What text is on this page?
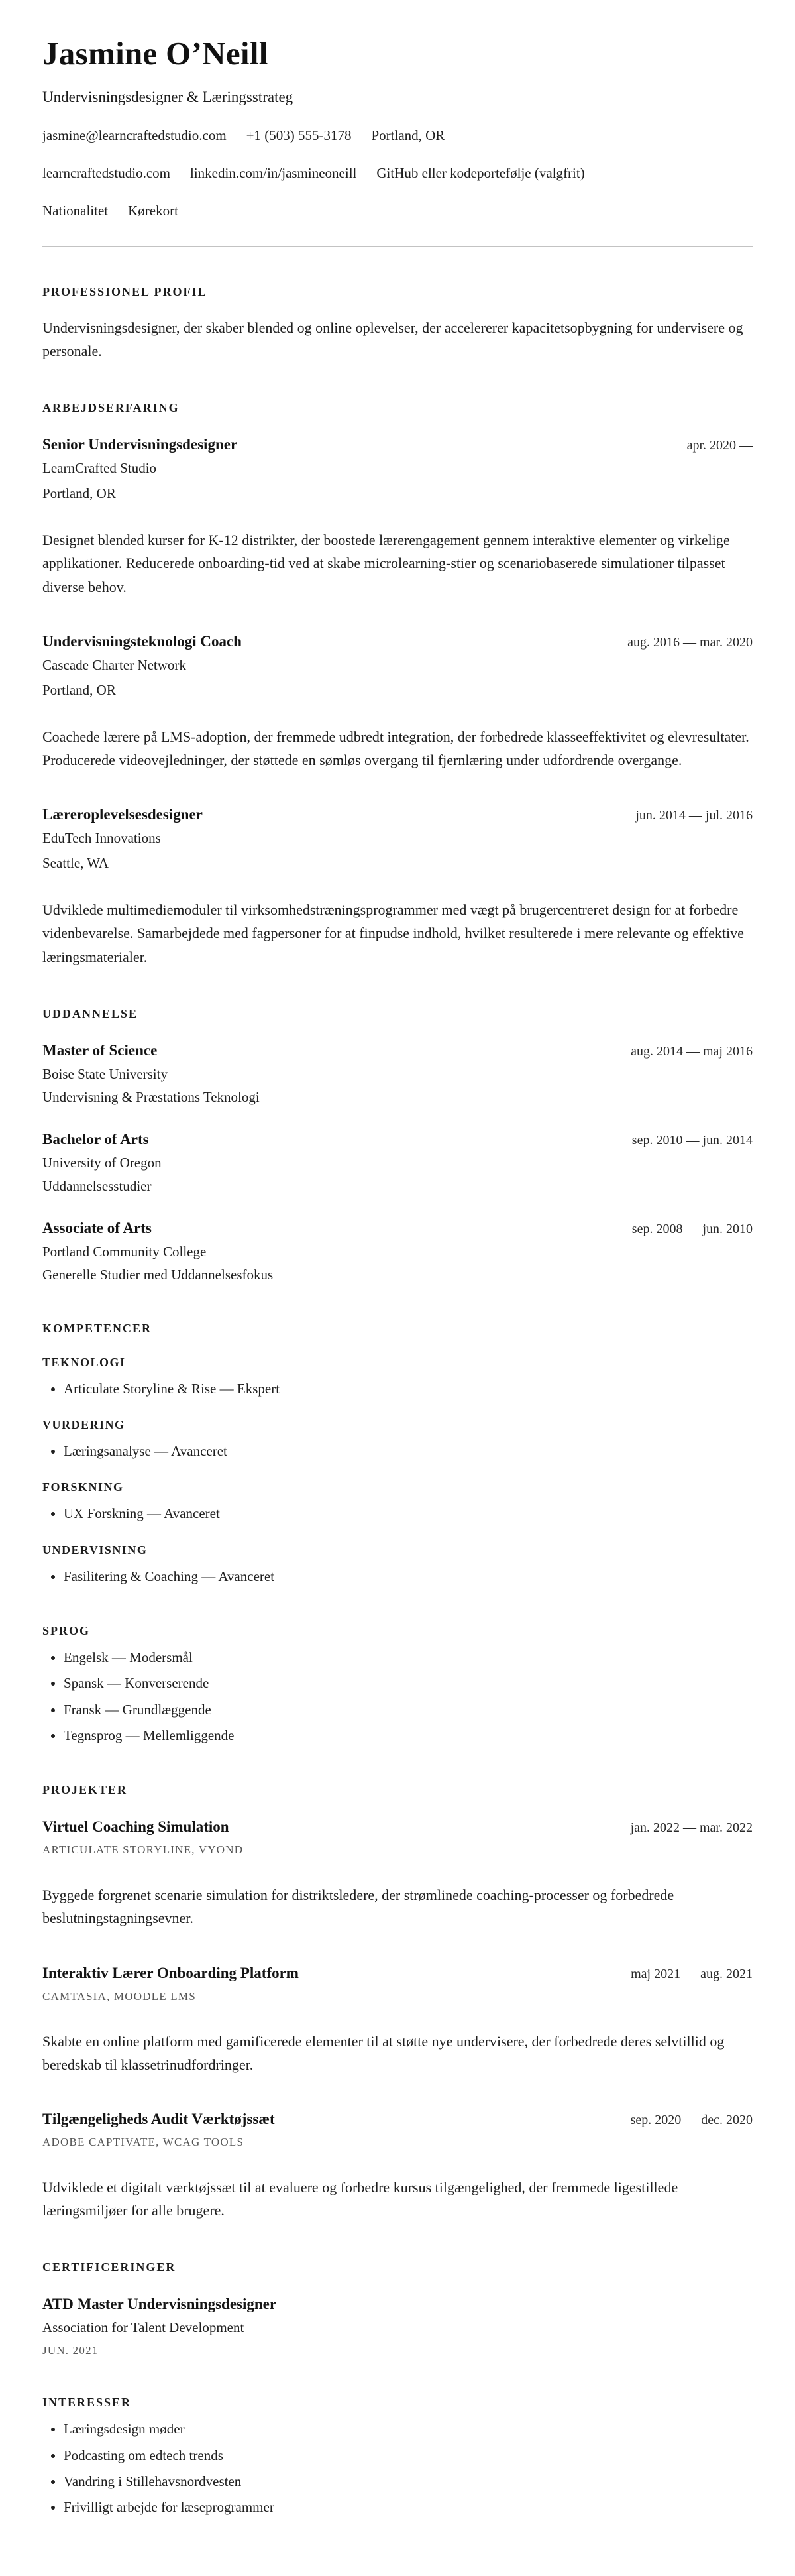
Jasmine O’Neill

Undervisningsdesigner & Læringsstrateg

jasmine@learncraftedstudio.com +1 (503) 555-3178 Portland, OR
learncraftedstudio.com linkedin.com/in/jasmineoneill GitHub eller kodeportefølje (valgfrit)
Nationalitet Kørekort
PROFESSIONEL PROFIL

Undervisningsdesigner, der skaber blended og online oplevelser, der accelererer kapacitetsopbygning for undervisere og personale.

ARBEJDSERFARING
Senior Undervisningsdesigner	apr. 2020 —
LearnCrafted Studio
Portland, OR

Designet blended kurser for K-12 distrikter, der boostede lærerengagement gennem interaktive elementer og virkelige applikationer. Reducerede onboarding-tid ved at skabe microlearning-stier og scenariobaserede simulationer tilpasset diverse behov.

Undervisningsteknologi Coach	aug. 2016 — mar. 2020
Cascade Charter Network
Portland, OR

Coachede lærere på LMS-adoption, der fremmede udbredt integration, der forbedrede klasseeffektivitet og elevresultater. Producerede videovejledninger, der støttede en sømløs overgang til fjernlæring under udfordrende overgange.

Læreroplevelsesdesigner	jun. 2014 — jul. 2016
EduTech Innovations
Seattle, WA

Udviklede multimediemoduler til virksomhedstræningsprogrammer med vægt på brugercentreret design for at forbedre videnbevarelse. Samarbejdede med fagpersoner for at finpudse indhold, hvilket resulterede i mere relevante og effektive læringsmaterialer.

UDDANNELSE
Master of Science	aug. 2014 — maj 2016
Boise State University
Undervisning & Præstations Teknologi
Bachelor of Arts	sep. 2010 — jun. 2014
University of Oregon
Uddannelsesstudier
Associate of Arts	sep. 2008 — jun. 2010
Portland Community College
Generelle Studier med Uddannelsesfokus
KOMPETENCER
TEKNOLOGI
• Articulate Storyline & Rise — Ekspert
VURDERING
• Læringsanalyse — Avanceret
FORSKNING
• UX Forskning — Avanceret
UNDERVISNING
• Fasilitering & Coaching — Avanceret
SPROG
• Engelsk — Modersmål
• Spansk — Konverserende
• Fransk — Grundlæggende
• Tegnsprog — Mellemliggende
PROJEKTER
Virtuel Coaching Simulation	jan. 2022 — mar. 2022
ARTICULATE STORYLINE, VYOND

Byggede forgrenet scenarie simulation for distriktsledere, der strømlinede coaching-processer og forbedrede beslutningstagningsevner.

Interaktiv Lærer Onboarding Platform	maj 2021 — aug. 2021
CAMTASIA, MOODLE LMS

Skabte en online platform med gamificerede elementer til at støtte nye undervisere, der forbedrede deres selvtillid og beredskab til klassetrinudfordringer.

Tilgængeligheds Audit Værktøjssæt	sep. 2020 — dec. 2020
ADOBE CAPTIVATE, WCAG TOOLS

Udviklede et digitalt værktøjssæt til at evaluere og forbedre kursus tilgængelighed, der fremmede ligestillede læringsmiljøer for alle brugere.

CERTIFICERINGER
ATD Master Undervisningsdesigner
Association for Talent Development
JUN. 2021
INTERESSER
• Læringsdesign møder
• Podcasting om edtech trends
• Vandring i Stillehavsnordvesten
• Frivilligt arbejde for læseprogrammer
